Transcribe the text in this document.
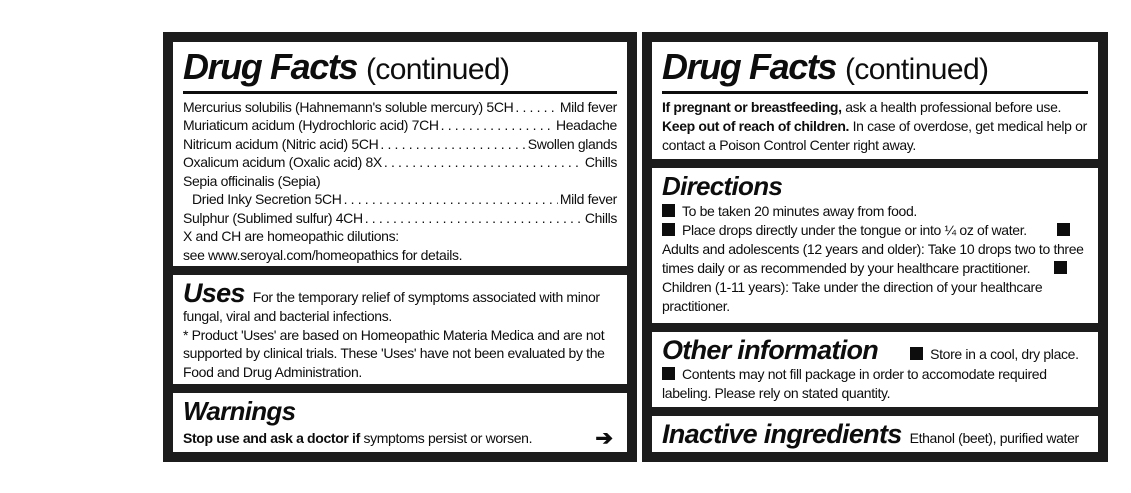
Drug Facts (continued)
Mercurius solubilis (Hahnemann's soluble mercury) 5CH . . .	Mild fever
Muriaticum acidum (Hydrochloric acid) 7CH . . .	Headache
Nitricum acidum (Nitric acid) 5CH . . .	Swollen glands
Oxalicum acidum (Oxalic acid) 8X . . .	Chills
Sepia officinalis (Sepia)
Dried Inky Secretion 5CH . . .	Mild fever
Sulphur (Sublimed sulfur) 4CH . . .	Chills

X and CH are homeopathic dilutions:

see www.seroyal.com/homeopathics for details.

Uses For the temporary relief of symptoms associated with minor fungal, viral and bacterial infections.

* Product 'Uses' are based on Homeopathic Materia Medica and are not supported by clinical trials. These 'Uses' have not been evaluated by the Food and Drug Administration.

Warnings

Stop use and ask a doctor if symptoms persist or worsen.	➔
Drug Facts (continued)

If pregnant or breastfeeding, ask a health professional before use.

Keep out of reach of children. In case of overdose, get medical help or contact a Poison Control Center right away.

Directions

To be taken 20 minutes away from food.

Place drops directly under the tongue or into ¼ oz of water.Adults and adolescents (12 years and older): Take 10 drops two to three times daily or as recommended by your healthcare practitioner.Children (1-11 years): Take under the direction of your healthcare practitioner.

Other information	Store in a cool, dry place.

Contents may not fill package in order to accomodate required labeling. Please rely on stated quantity.

Inactive ingredients Ethanol (beet), purified water
